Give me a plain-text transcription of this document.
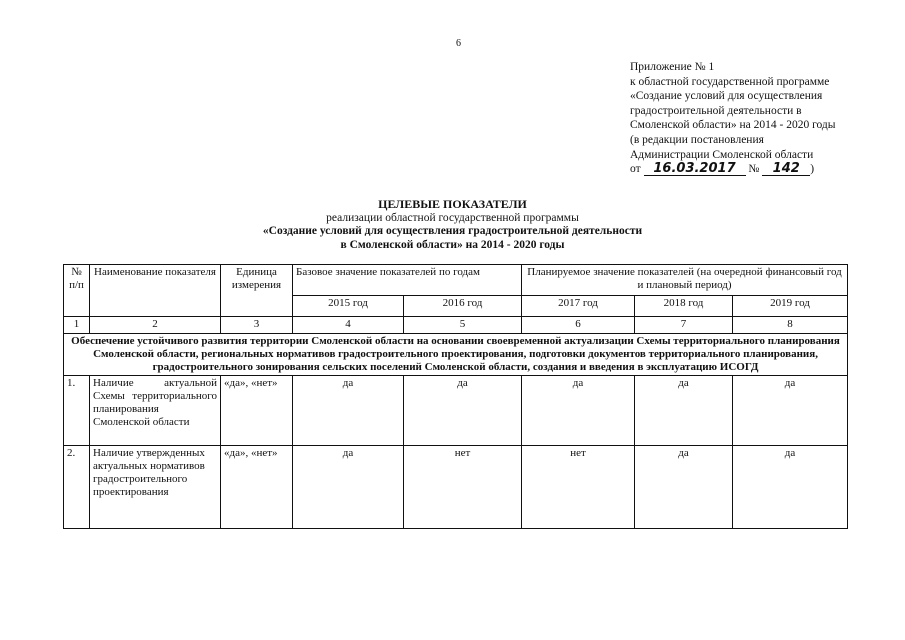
6
Приложение № 1
к областной государственной программе
«Создание условий для осуществления
градостроительной деятельности в
Смоленской области» на 2014 - 2020 годы
(в редакции постановления
Администрации Смоленской области
от 16.03.2017 № 142 )
ЦЕЛЕВЫЕ ПОКАЗАТЕЛИ
реализации областной государственной программы
«Создание условий для осуществления градостроительной деятельности
в Смоленской области» на 2014 - 2020 годы
№ п/п	Наименование показателя	Единица измерения	Базовое значение показателей по годам		Планируемое значение показателей (на очередной финансовый год и плановый период)		
			2015 год	2016 год	2017 год	2018 год	2019 год
1	2	3	4	5	6	7	8
Обеспечение устойчивого развития территории Смоленской области на основании своевременной актуализации Схемы территориального планирования Смоленской области, региональных нормативов градостроительного проектирования, подготовки документов территориального планирования, градостроительного зонирования сельских поселений Смоленской области, создания и введения в эксплуатацию ИСОГД							
1.	Наличие актуальной Схемы территориального планирования Смоленской области	«да», «нет»	да	да	да	да	да
2.	Наличие утвержденных актуальных нормативов градостроительного проектирования	«да», «нет»	да	нет	нет	да	да
